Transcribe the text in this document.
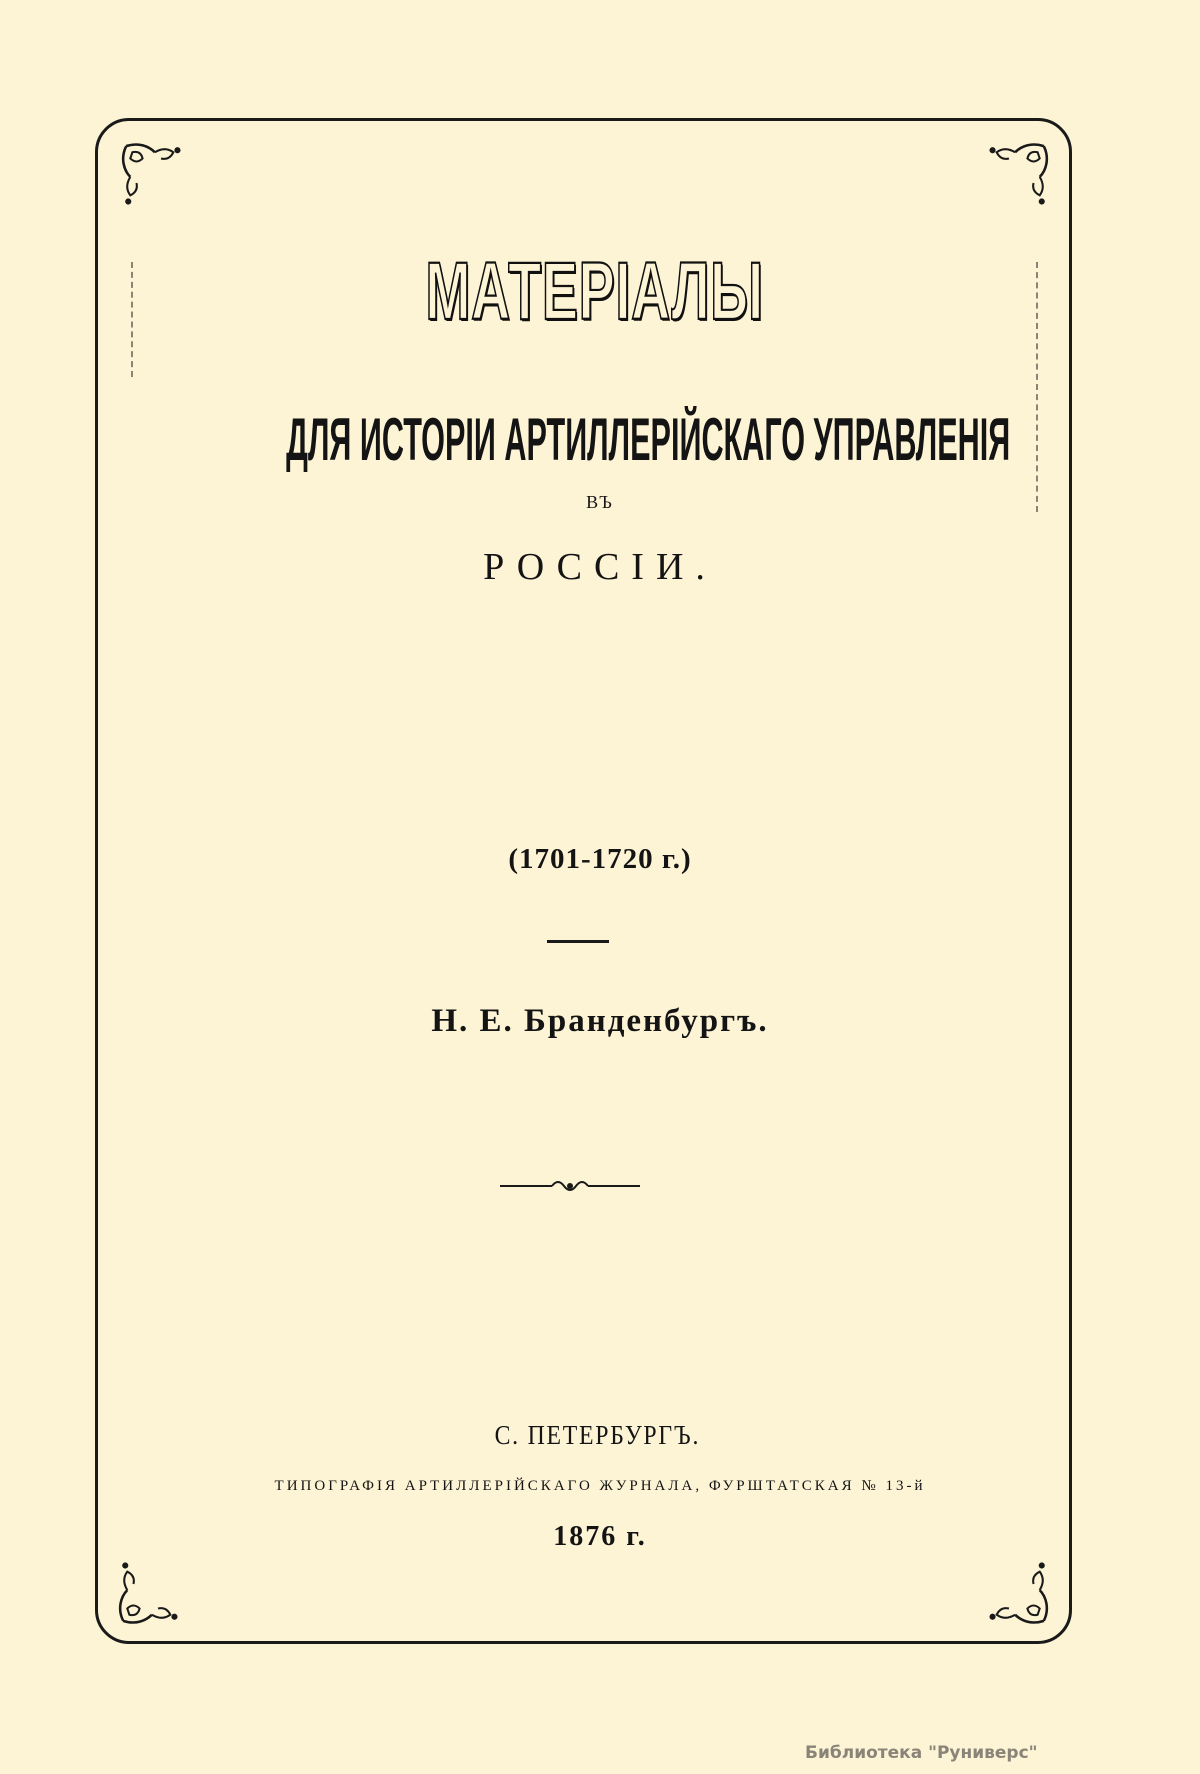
МАТЕРІАЛЫ
ДЛЯ ИСТОРІИ АРТИЛЛЕРІЙСКАГО УПРАВЛЕНІЯ
ВЪ
РОССІИ.
(1701-1720 г.)
Н. Е. Бранденбургъ.
С. ПЕТЕРБУРГЪ.
ТИПОГРАФІЯ АРТИЛЛЕРІЙСКАГО ЖУРНАЛА, ФУРШТАТСКАЯ № 13-й
1876 г.
Библиотека "Руниверс"
